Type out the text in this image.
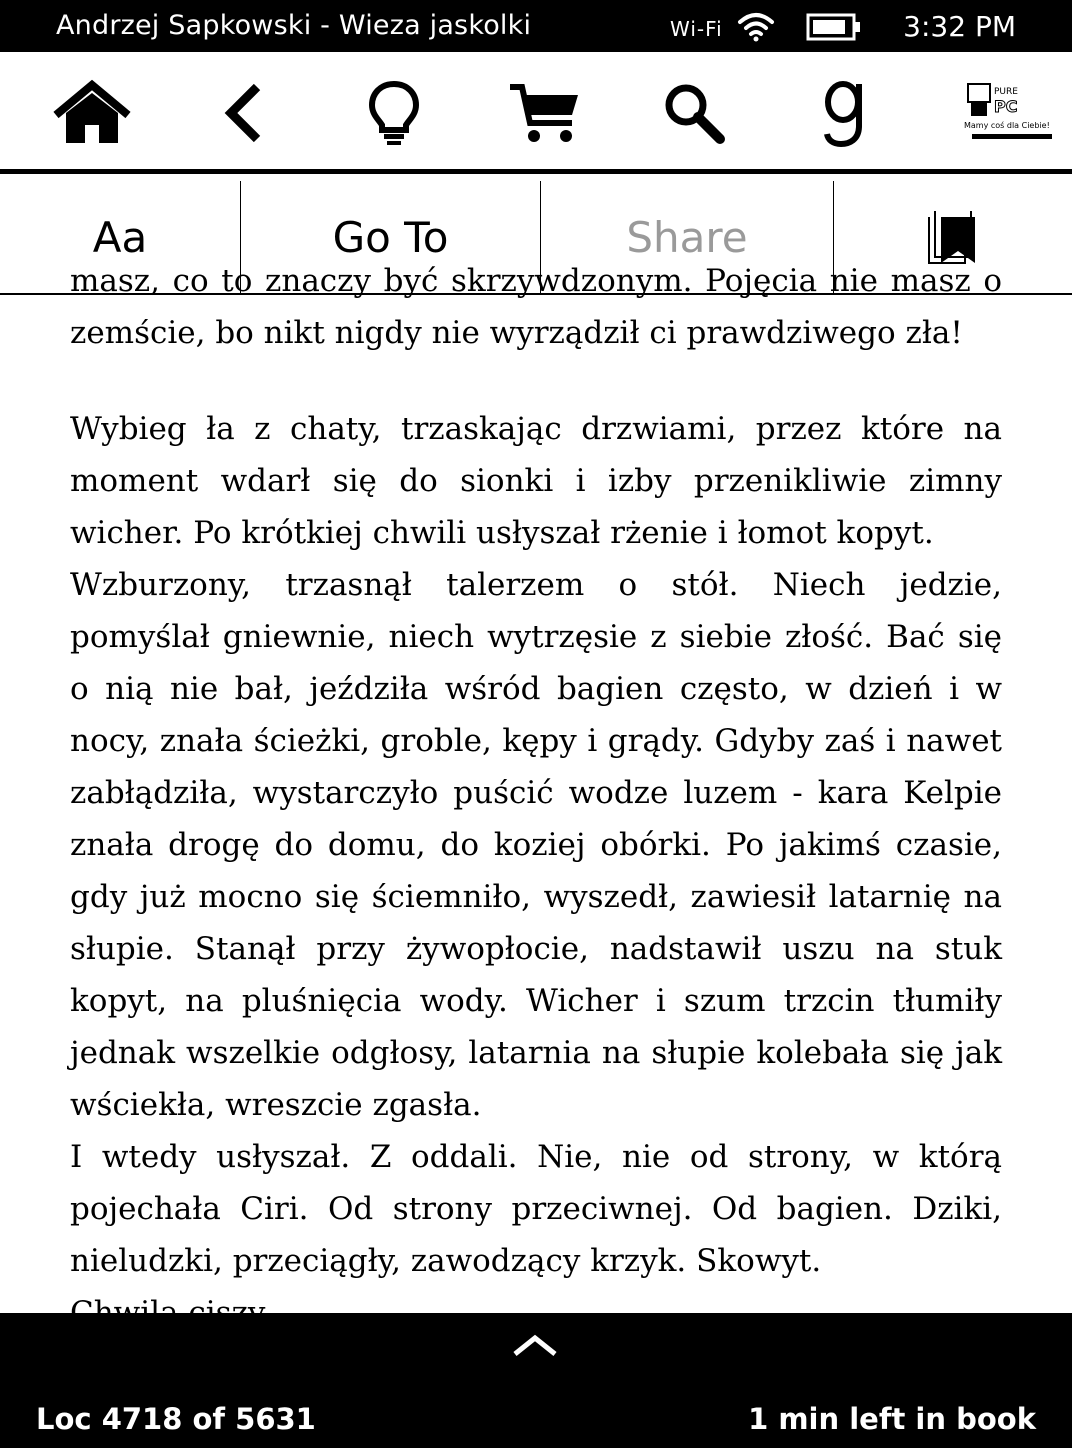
Andrzej Sapkowski - Wieza jaskolki	Wi-Fi	3:32 PM
PURE
PC
Mamy coś dla Ciebie!
Aa	Go To	Share

masz, co to znaczy być skrzywdzonym. Pojęcia nie masz o zemście, bo nikt nigdy nie wyrządził ci prawdziwego zła!

Wybieg ła z chaty, trzaskając drzwiami, przez które na moment wdarł się do sionki i izby przenikliwie zimny wicher. Po krótkiej chwili usłyszał rżenie i łomot kopyt.

Wzburzony, trzasnął talerzem o stół. Niech jedzie, pomyślał gniewnie, niech wytrzęsie z siebie złość. Bać się o nią nie bał, jeździła wśród bagien często, w dzień i w nocy, znała ścieżki, groble, kępy i grądy. Gdyby zaś i nawet zabłądziła, wystarczyło puścić wodze luzem - kara Kelpie znała drogę do domu, do koziej obórki. Po jakimś czasie, gdy już mocno się ściemniło, wyszedł, zawiesił latarnię na słupie. Stanął przy żywopłocie, nadstawił uszu na stuk kopyt, na pluśnięcia wody. Wicher i szum trzcin tłumiły jednak wszelkie odgłosy, latarnia na słupie kolebała się jak wściekła, wreszcie zgasła.

I wtedy usłyszał. Z oddali. Nie, nie od strony, w którą pojechała Ciri. Od strony przeciwnej. Od bagien. Dziki, nieludzki, przeciągły, zawodzący krzyk. Skowyt.

Loc 4718 of 5631	1 min left in book
